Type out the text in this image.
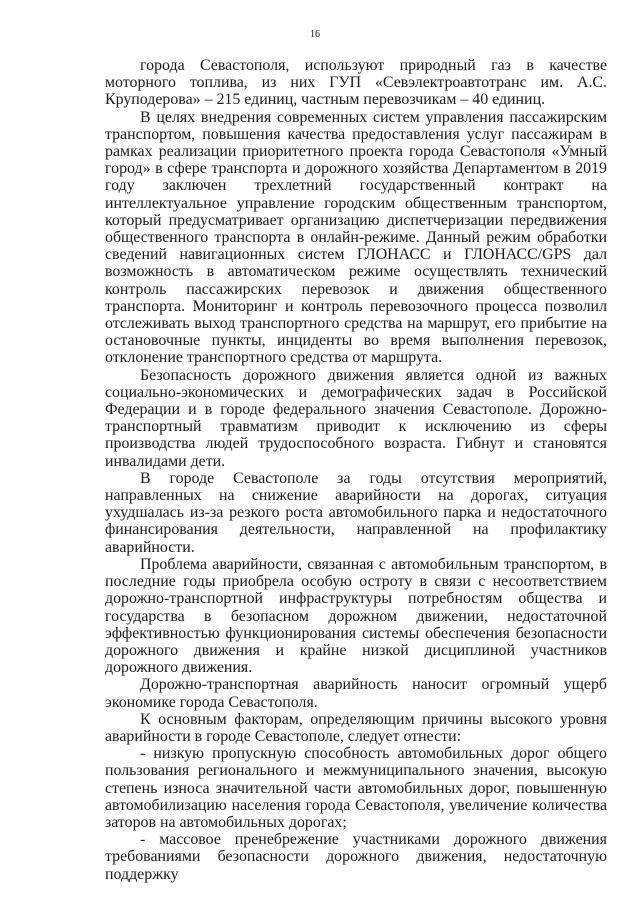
16

города Севастополя, используют природный газ в качестве моторного топлива, из них ГУП «Севэлектроавтотранс им. А.С. Круподерова» – 215 единиц, частным перевозчикам – 40 единиц.

В целях внедрения современных систем управления пассажирским транспортом, повышения качества предоставления услуг пассажирам в рамках реализации приоритетного проекта города Севастополя «Умный город» в сфере транспорта и дорожного хозяйства Департаментом в 2019 году заключен трехлетний государственный контракт на интеллектуальное управление городским общественным транспортом, который предусматривает организацию диспетчеризации передвижения общественного транспорта в онлайн-режиме. Данный режим обработки сведений навигационных систем ГЛОНАСС и ГЛОНАСС/GPS дал возможность в автоматическом режиме осуществлять технический контроль пассажирских перевозок и движения общественного транспорта. Мониторинг и контроль перевозочного процесса позволил отслеживать выход транспортного средства на маршрут, его прибытие на остановочные пункты, инциденты во время выполнения перевозок, отклонение транспортного средства от маршрута.

Безопасность дорожного движения является одной из важных социально-экономических и демографических задач в Российской Федерации и в городе федерального значения Севастополе. Дорожно-транспортный травматизм приводит к исключению из сферы производства людей трудоспособного возраста. Гибнут и становятся инвалидами дети.

В городе Севастополе за годы отсутствия мероприятий, направленных на снижение аварийности на дорогах, ситуация ухудшалась из-за резкого роста автомобильного парка и недостаточного финансирования деятельности, направленной на профилактику аварийности.

Проблема аварийности, связанная с автомобильным транспортом, в последние годы приобрела особую остроту в связи с несоответствием дорожно-транспортной инфраструктуры потребностям общества и государства в безопасном дорожном движении, недостаточной эффективностью функционирования системы обеспечения безопасности дорожного движения и крайне низкой дисциплиной участников дорожного движения.

Дорожно-транспортная аварийность наносит огромный ущерб экономике города Севастополя.

К основным факторам, определяющим причины высокого уровня аварийности в городе Севастополе, следует отнести:

- низкую пропускную способность автомобильных дорог общего пользования регионального и межмуниципального значения, высокую степень износа значительной части автомобильных дорог, повышенную автомобилизацию населения города Севастополя, увеличение количества заторов на автомобильных дорогах;

- массовое пренебрежение участниками дорожного движения требованиями безопасности дорожного движения, недостаточную поддержку
